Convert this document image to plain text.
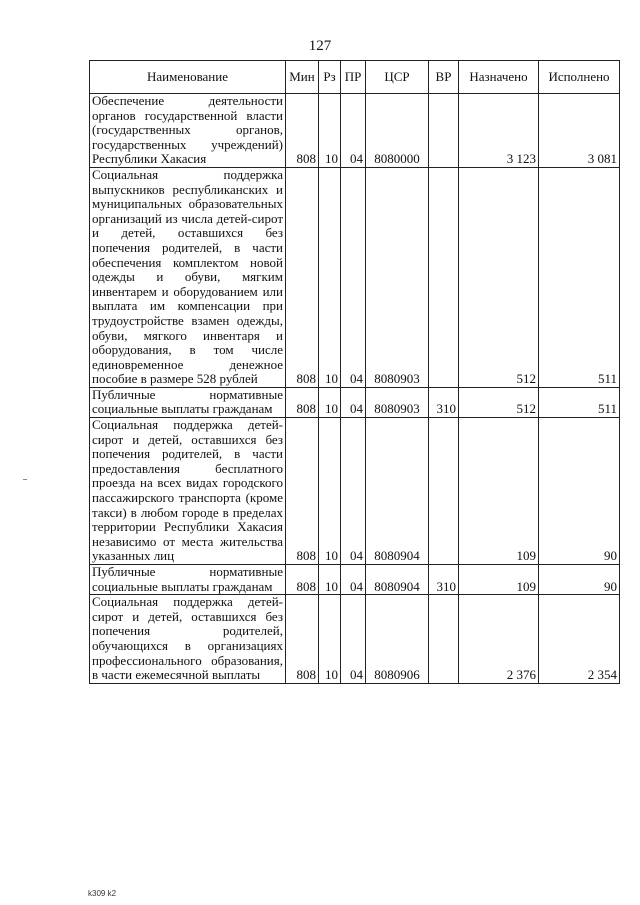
127
Наименование	Мин	Рз	ПР	ЦСР	ВР	Назначено	Исполнено
Обеспечение деятельности органов государственной власти (государственных органов, государственных учреждений) Республики Хакасия	808	10	04	8080000		3 123	3 081
Социальная поддержка выпускников республиканских и муниципальных образовательных организаций из числа детей-сирот и детей, оставшихся без попечения родителей, в части обеспечения комплектом новой одежды и обуви, мягким инвентарем и оборудованием или выплата им компенсации при трудоустройстве взамен одежды, обуви, мягкого инвентаря и оборудования, в том числе единовременное денежное пособие в размере 528 рублей	808	10	04	8080903		512	511
Публичные нормативные социальные выплаты гражданам	808	10	04	8080903	310	512	511
Социальная поддержка детей-сирот и детей, оставшихся без попечения родителей, в части предоставления бесплатного проезда на всех видах городского пассажирского транспорта (кроме такси) в любом городе в пределах территории Республики Хакасия независимо от места жительства указанных лиц	808	10	04	8080904		109	90
Публичные нормативные социальные выплаты гражданам	808	10	04	8080904	310	109	90
Социальная поддержка детей-сирот и детей, оставшихся без попечения родителей, обучающихся в организациях профессионального образования, в части ежемесячной выплаты	808	10	04	8080906		2 376	2 354
k309 k2
